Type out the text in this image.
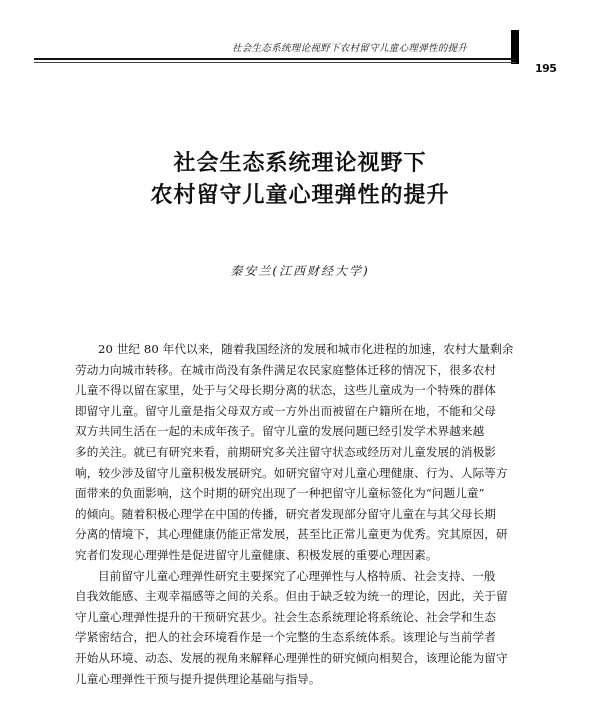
社会生态系统理论视野下农村留守儿童心理弹性的提升
195
社会生态系统理论视野下
农村留守儿童心理弹性的提升
秦安兰(江西财经大学)
20 世纪 80 年代以来，随着我国经济的发展和城市化进程的加速，农村大量剩余
劳动力向城市转移。在城市尚没有条件满足农民家庭整体迁移的情况下，很多农村
儿童不得以留在家里，处于与父母长期分离的状态，这些儿童成为一个特殊的群体
即留守儿童。留守儿童是指父母双方或一方外出而被留在户籍所在地，不能和父母
双方共同生活在一起的未成年孩子。留守儿童的发展问题已经引发学术界越来越
多的关注。就已有研究来看，前期研究多关注留守状态或经历对儿童发展的消极影
响，较少涉及留守儿童积极发展研究。如研究留守对儿童心理健康、行为、人际等方
面带来的负面影响，这个时期的研究出现了一种把留守儿童标签化为“问题儿童”
的倾向。随着积极心理学在中国的传播，研究者发现部分留守儿童在与其父母长期
分离的情境下，其心理健康仍能正常发展，甚至比正常儿童更为优秀。究其原因，研
究者们发现心理弹性是促进留守儿童健康、积极发展的重要心理因素。
目前留守儿童心理弹性研究主要探究了心理弹性与人格特质、社会支持、一般
自我效能感、主观幸福感等之间的关系。但由于缺乏较为统一的理论，因此，关于留
守儿童心理弹性提升的干预研究甚少。社会生态系统理论将系统论、社会学和生态
学紧密结合，把人的社会环境看作是一个完整的生态系统体系。该理论与当前学者
开始从环境、动态、发展的视角来解释心理弹性的研究倾向相契合，该理论能为留守
儿童心理弹性干预与提升提供理论基础与指导。
